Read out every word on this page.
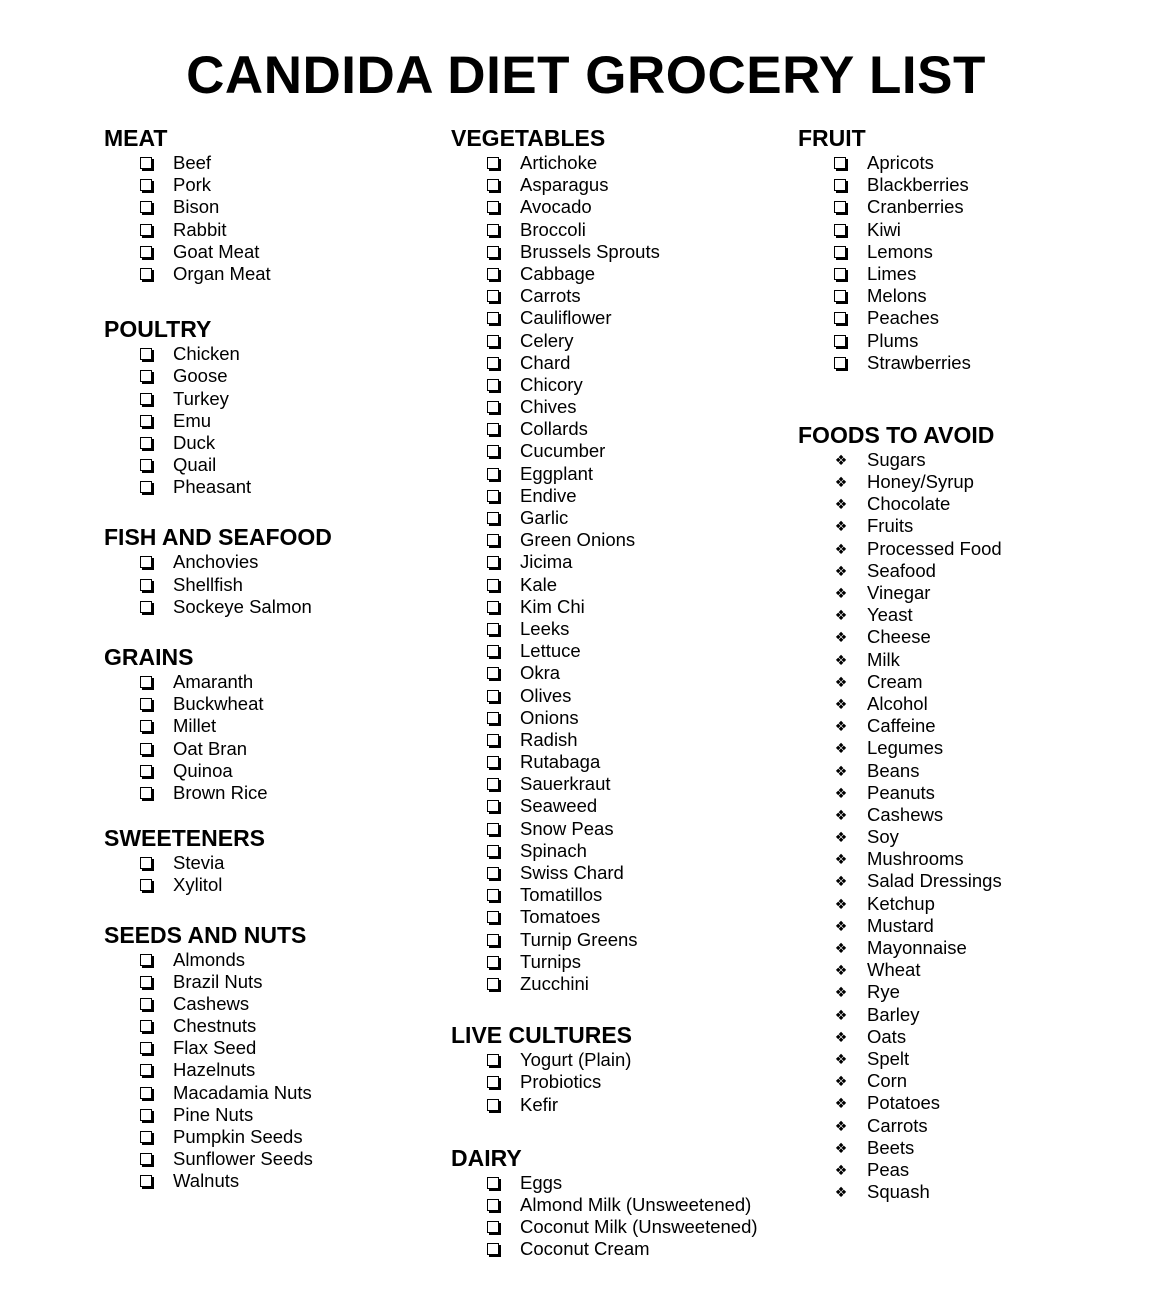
CANDIDA DIET GROCERY LIST
MEAT
Beef
Pork
Bison
Rabbit
Goat Meat
Organ Meat
POULTRY
Chicken
Goose
Turkey
Emu
Duck
Quail
Pheasant
FISH AND SEAFOOD
Anchovies
Shellfish
Sockeye Salmon
GRAINS
Amaranth
Buckwheat
Millet
Oat Bran
Quinoa
Brown Rice
SWEETENERS
Stevia
Xylitol
SEEDS AND NUTS
Almonds
Brazil Nuts
Cashews
Chestnuts
Flax Seed
Hazelnuts
Macadamia Nuts
Pine Nuts
Pumpkin Seeds
Sunflower Seeds
Walnuts
VEGETABLES
Artichoke
Asparagus
Avocado
Broccoli
Brussels Sprouts
Cabbage
Carrots
Cauliflower
Celery
Chard
Chicory
Chives
Collards
Cucumber
Eggplant
Endive
Garlic
Green Onions
Jicima
Kale
Kim Chi
Leeks
Lettuce
Okra
Olives
Onions
Radish
Rutabaga
Sauerkraut
Seaweed
Snow Peas
Spinach
Swiss Chard
Tomatillos
Tomatoes
Turnip Greens
Turnips
Zucchini
LIVE CULTURES
Yogurt (Plain)
Probiotics
Kefir
DAIRY
Eggs
Almond Milk (Unsweetened)
Coconut Milk (Unsweetened)
Coconut Cream
FRUIT
Apricots
Blackberries
Cranberries
Kiwi
Lemons
Limes
Melons
Peaches
Plums
Strawberries
FOODS TO AVOID
❖ Sugars
❖ Honey/Syrup
❖ Chocolate
❖ Fruits
❖ Processed Food
❖ Seafood
❖ Vinegar
❖ Yeast
❖ Cheese
❖ Milk
❖ Cream
❖ Alcohol
❖ Caffeine
❖ Legumes
❖ Beans
❖ Peanuts
❖ Cashews
❖ Soy
❖ Mushrooms
❖ Salad Dressings
❖ Ketchup
❖ Mustard
❖ Mayonnaise
❖ Wheat
❖ Rye
❖ Barley
❖ Oats
❖ Spelt
❖ Corn
❖ Potatoes
❖ Carrots
❖ Beets
❖ Peas
❖ Squash
